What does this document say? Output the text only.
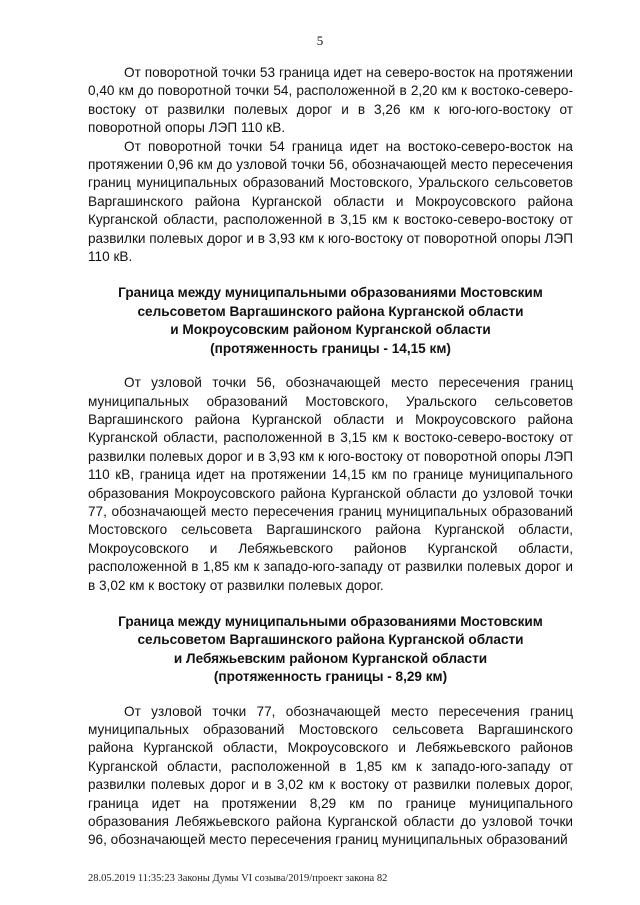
5

От поворотной точки 53 граница идет на северо-восток на протяжении 0,40 км до поворотной точки 54, расположенной в 2,20 км к востоко-северо-востоку от развилки полевых дорог и в 3,26 км к юго-юго-востоку от поворотной опоры ЛЭП 110 кВ.

От поворотной точки 54 граница идет на востоко-северо-восток на протяжении 0,96 км до узловой точки 56, обозначающей место пересечения границ муниципальных образований Мостовского, Уральского сельсоветов Варгашинского района Курганской области и Мокроусовского района Курганской области, расположенной в 3,15 км к востоко-северо-востоку от развилки полевых дорог и в 3,93 км к юго-востоку от поворотной опоры ЛЭП 110 кВ.

Граница между муниципальными образованиями Мостовским
сельсоветом Варгашинского района Курганской области
и Мокроусовским районом Курганской области
(протяженность границы - 14,15 км)

От узловой точки 56, обозначающей место пересечения границ муниципальных образований Мостовского, Уральского сельсоветов Варгашинского района Курганской области и Мокроусовского района Курганской области, расположенной в 3,15 км к востоко-северо-востоку от развилки полевых дорог и в 3,93 км к юго-востоку от поворотной опоры ЛЭП 110 кВ, граница идет на протяжении 14,15 км по границе муниципального образования Мокроусовского района Курганской области до узловой точки 77, обозначающей место пересечения границ муниципальных образований Мостовского сельсовета Варгашинского района Курганской области, Мокроусовского и Лебяжьевского районов Курганской области, расположенной в 1,85 км к западо-юго-западу от развилки полевых дорог и в 3,02 км к востоку от развилки полевых дорог.

Граница между муниципальными образованиями Мостовским
сельсоветом Варгашинского района Курганской области
и Лебяжьевским районом Курганской области
(протяженность границы - 8,29 км)

От узловой точки 77, обозначающей место пересечения границ муниципальных образований Мостовского сельсовета Варгашинского района Курганской области, Мокроусовского и Лебяжьевского районов Курганской области, расположенной в 1,85 км к западо-юго-западу от развилки полевых дорог и в 3,02 км к востоку от развилки полевых дорог, граница идет на протяжении 8,29 км по границе муниципального образования Лебяжьевского района Курганской области до узловой точки 96, обозначающей место пересечения границ муниципальных образований

28.05.2019 11:35:23 Законы Думы VI созыва/2019/проект закона 82
